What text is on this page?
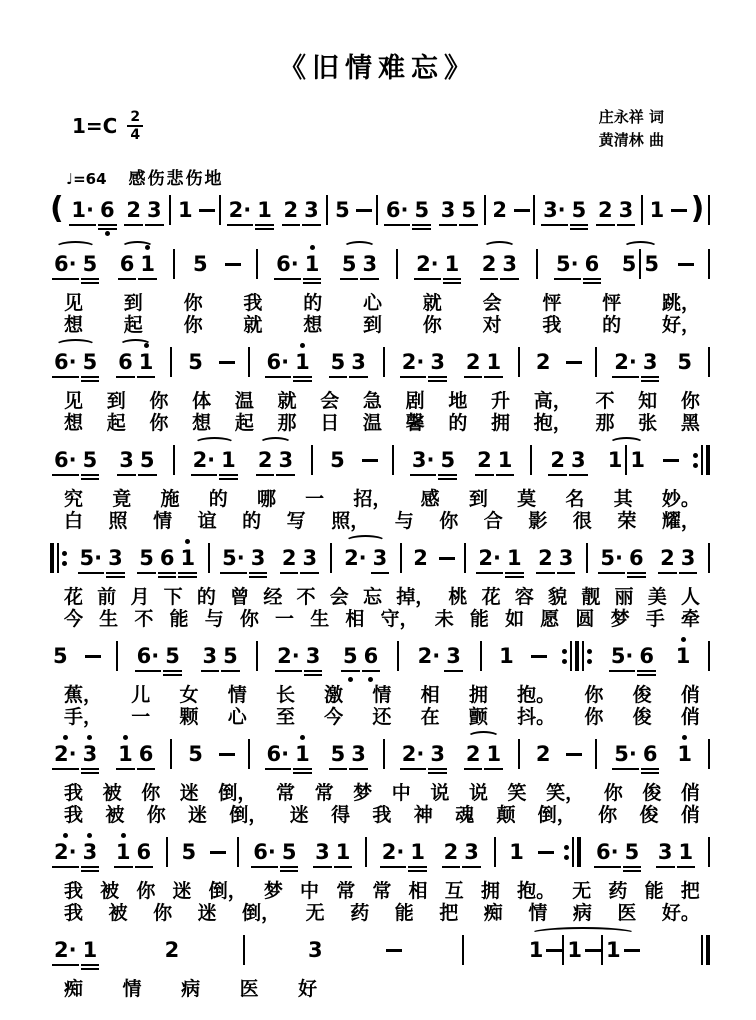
《旧情难忘》
$1=C \frac{2}{4}$	庄永祥 词
黄清林 曲
♩=64 感伤悲伤地
( 1· 6 2 3 1 2· 1 2 3 5 6· 5 3 5 2 3· 5 2 3 1 )
6· 5 6 1 5	6· 1 5 3 2· 1 2 3 5· 6 5 5
见 到 你 我 的 心 就 会 怦 怦 跳，
想 起 你 就 想 到 你 对 我 的 好，
6· 5 6 1 5	6· 1 5 3 2· 3 2 1 2	2· 3 5
见 到 你 体 温 就 会 急 剧 地 升 高， 不 知 你
想 起 你 想 起 那 日 温 馨 的 拥 抱， 那 张 黑
6· 5 3 5 2· 1 2 3 5	3· 5 2 1 2 3 1 1
究 竟 施 的 哪 一 招， 感 到 莫 名 其 妙。
白 照 情 谊 的 写 照， 与 你 合 影 很 荣 耀，
5· 3 5 6 1 5· 3 2 3 2· 3 2 2· 1 2 3 5· 6 2 3
花 前 月 下 的 曾 经 不 会 忘 掉， 桃 花 容 貌 靓 丽 美 人
今 生 不 能 与 你 一 生 相 守， 未 能 如 愿 圆 梦 手 牵
5	6· 5 3 5 2· 3 5 6 2· 3 1	5· 6 1
蕉， 儿 女 情 长 激 情 相 拥 抱。 你 俊 俏
手， 一 颗 心 至 今 还 在 颤 抖。 你 俊 俏
2· 3 1 6 5	6· 1 5 3 2· 3 2 1 2	5· 6 1
我 被 你 迷 倒， 常 常 梦 中 说 说 笑 笑， 你 俊 俏
我 被 你 迷 倒， 迷 得 我 神 魂 颠 倒， 你 俊 俏
2· 3 1 6 5	6· 5 3 1 2· 1 2 3 1	6· 5 3 1
我 被 你 迷 倒， 梦 中 常 常 相 互 拥 抱。 无 药 能 把
我 被 你 迷 倒， 无 药 能 把 痴 情 病 医 好。
2· 1	2	3	1 1 1
痴 情 病 医 好
